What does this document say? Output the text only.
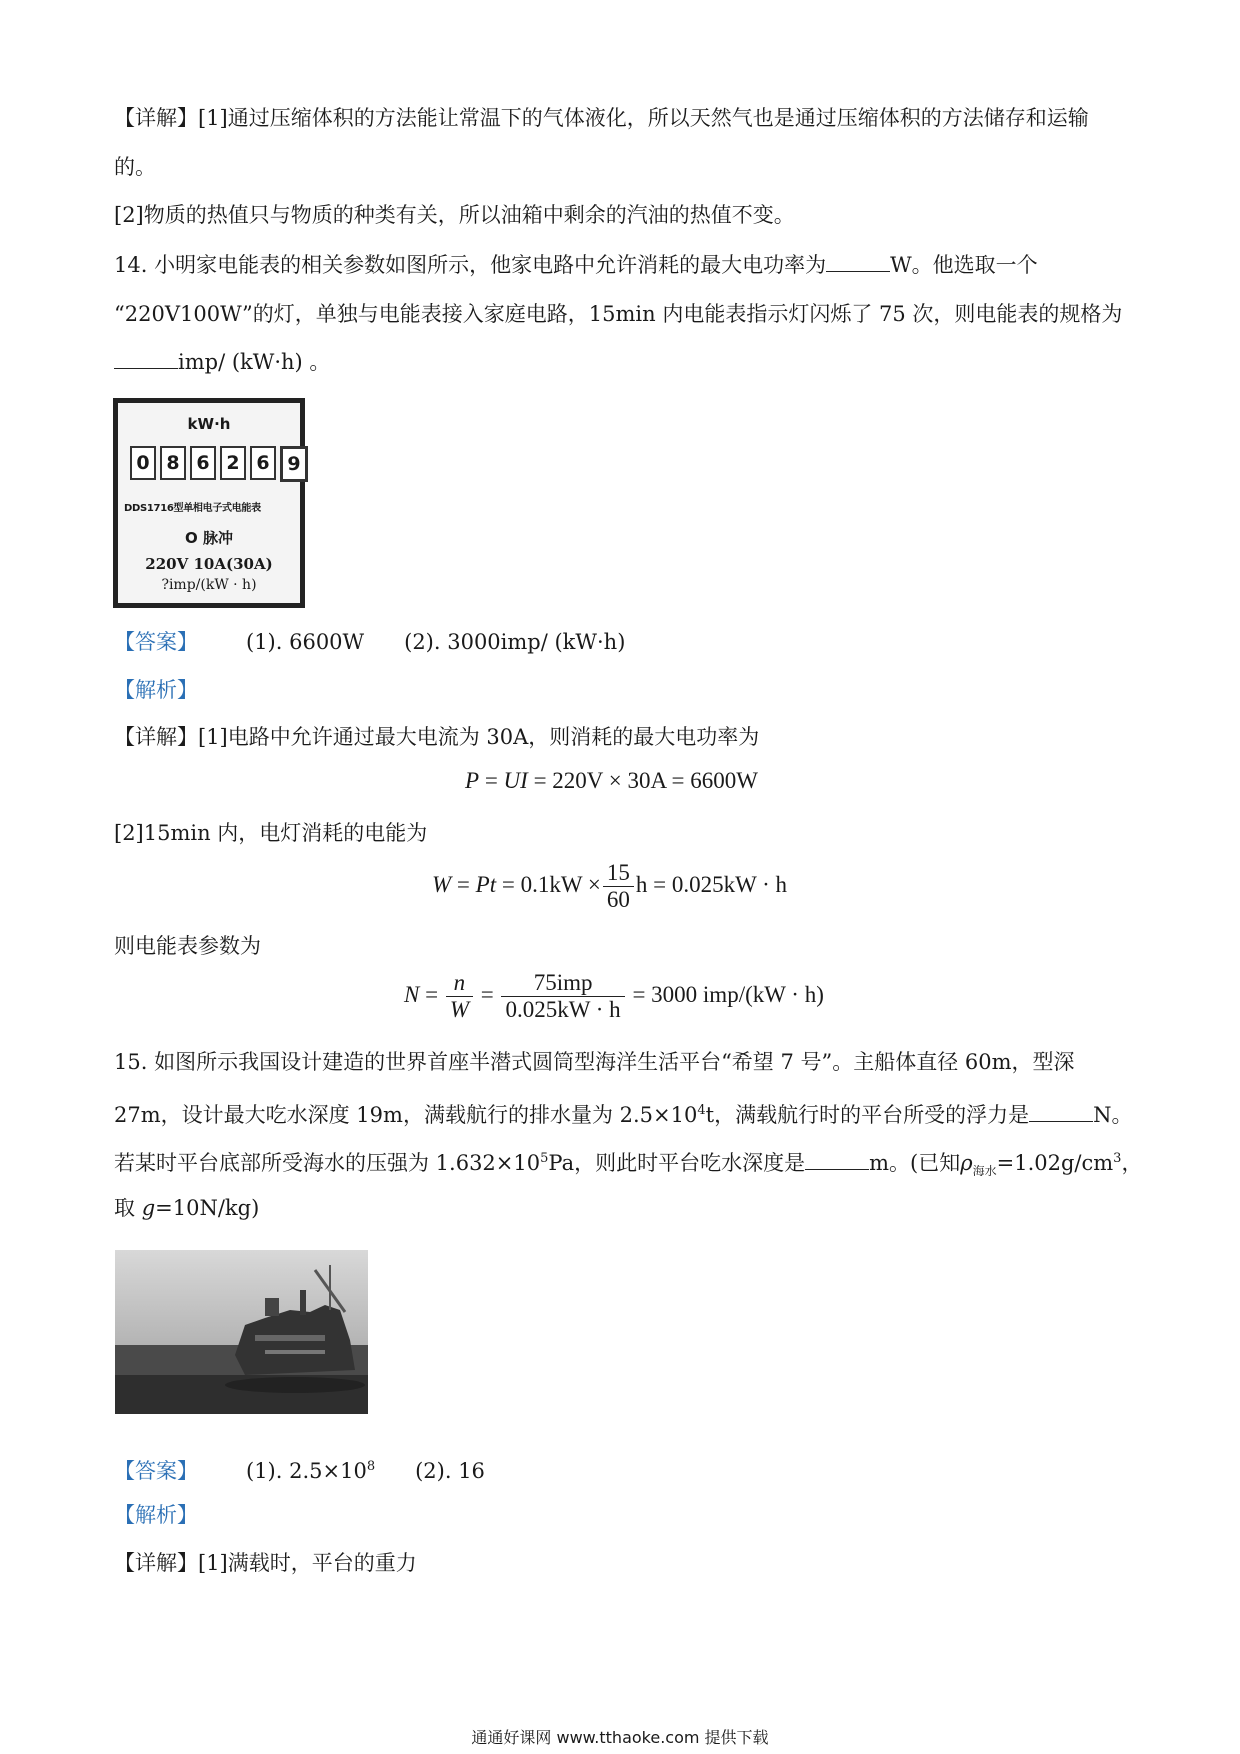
【详解】[1]通过压缩体积的方法能让常温下的气体液化，所以天然气也是通过压缩体积的方法储存和运输
的。
[2]物质的热值只与物质的种类有关，所以油箱中剩余的汽油的热值不变。
14. 小明家电能表的相关参数如图所示，他家电路中允许消耗的最大电功率为	W。他选取一个
“220V100W”的灯，单独与电能表接入家庭电路，15min 内电能表指示灯闪烁了 75 次，则电能表的规格为
imp/ (kW·h) 。
kW·h
0 8 6 2 6 9
DDS1716型单相电子式电能表
O 脉冲
220V 10A(30A)
?imp/(kW · h)
【答案】 (1). 6600W (2). 3000imp/ (kW·h)
【解析】
【详解】[1]电路中允许通过最大电流为 30A，则消耗的最大电功率为
P = UI = 220V × 30A = 6600W
[2]15min 内，电灯消耗的电能为
$W = Pt = 0.1kW \times \frac{15}{60}$ h = 0.025kW · h
则电能表参数为
$N = \frac{n}{W} = \frac{\text{75imp}}{0.025kW \cdot h} = 3000$ imp/(kW · h)
15. 如图所示我国设计建造的世界首座半潜式圆筒型海洋生活平台“希望 7 号”。主船体直径 60m，型深
27m，设计最大吃水深度 19m，满载航行的排水量为 $2.5\times 10^4t$，满载航行时的平台所受的浮力是	N。
若某时平台底部所受海水的压强为 $1.632\times 10^5Pa$，则此时平台吃水深度是	m。(已知$\rho_{海水}=1.02g/cm^3$，
取 g=10N/kg)
【答案】 (1). $2.5\times 10^8$ (2). 16
【解析】
【详解】[1]满载时，平台的重力
通通好课网 www.tthaoke.com 提供下载
